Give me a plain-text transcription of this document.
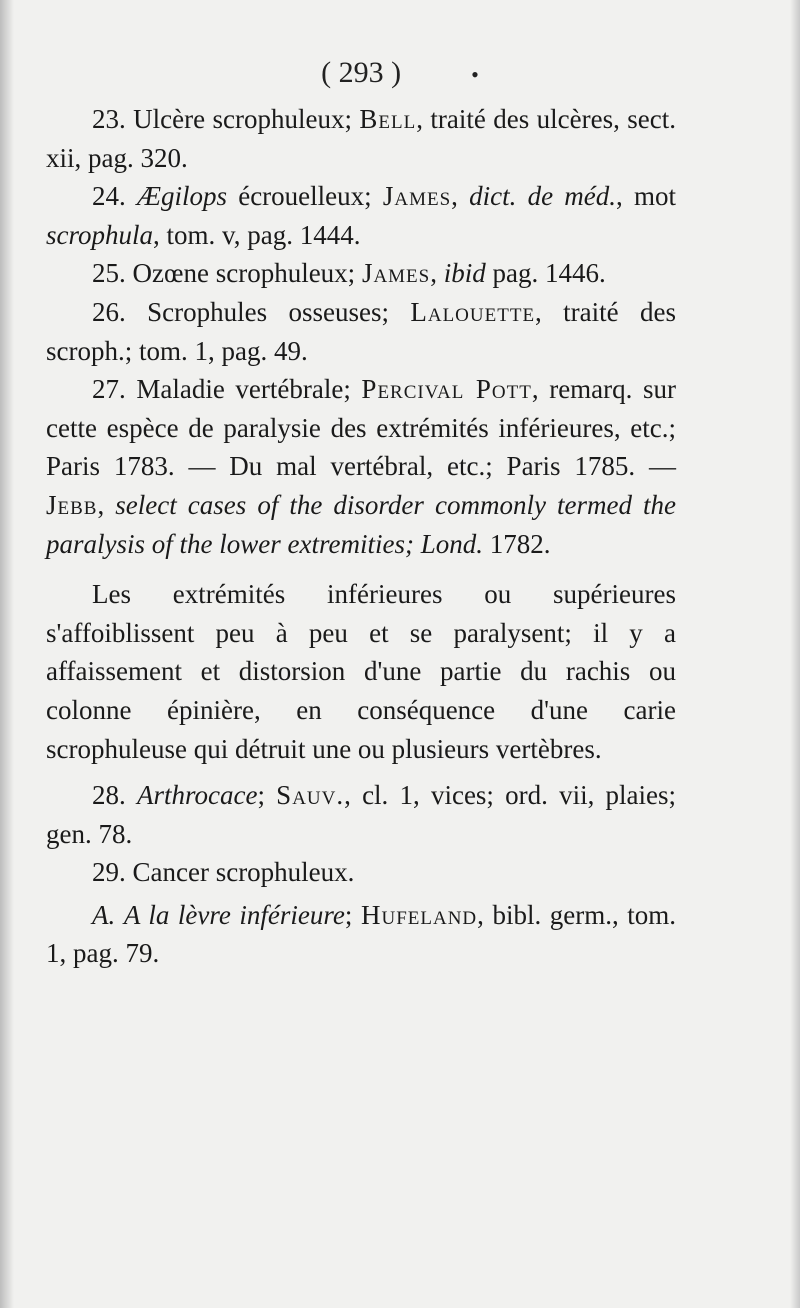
( 293 )	•

23. Ulcère scrophuleux; Bell, traité des ulcères, sect. xii, pag. 320.

24. Ægilops écrouelleux; James, dict. de méd., mot scrophula, tom. v, pag. 1444.

25. Ozœne scrophuleux; James, ibid pag. 1446.

26. Scrophules osseuses; Lalouette, traité des scroph.; tom. 1, pag. 49.

27. Maladie vertébrale; Percival Pott, remarq. sur cette espèce de paralysie des extrémités inférieures, etc.; Paris 1783. — Du mal vertébral, etc.; Paris 1785. — Jebb, select cases of the disorder commonly termed the paralysis of the lower extremities; Lond. 1782.

Les extrémités inférieures ou supérieures s'affoiblissent peu à peu et se paralysent; il y a affaissement et distorsion d'une partie du rachis ou colonne épinière, en conséquence d'une carie scrophuleuse qui détruit une ou plusieurs vertèbres.

28. Arthrocace; Sauv., cl. 1, vices; ord. vii, plaies; gen. 78.

29. Cancer scrophuleux.

A. A la lèvre inférieure; Hufeland, bibl. germ., tom. 1, pag. 79.
